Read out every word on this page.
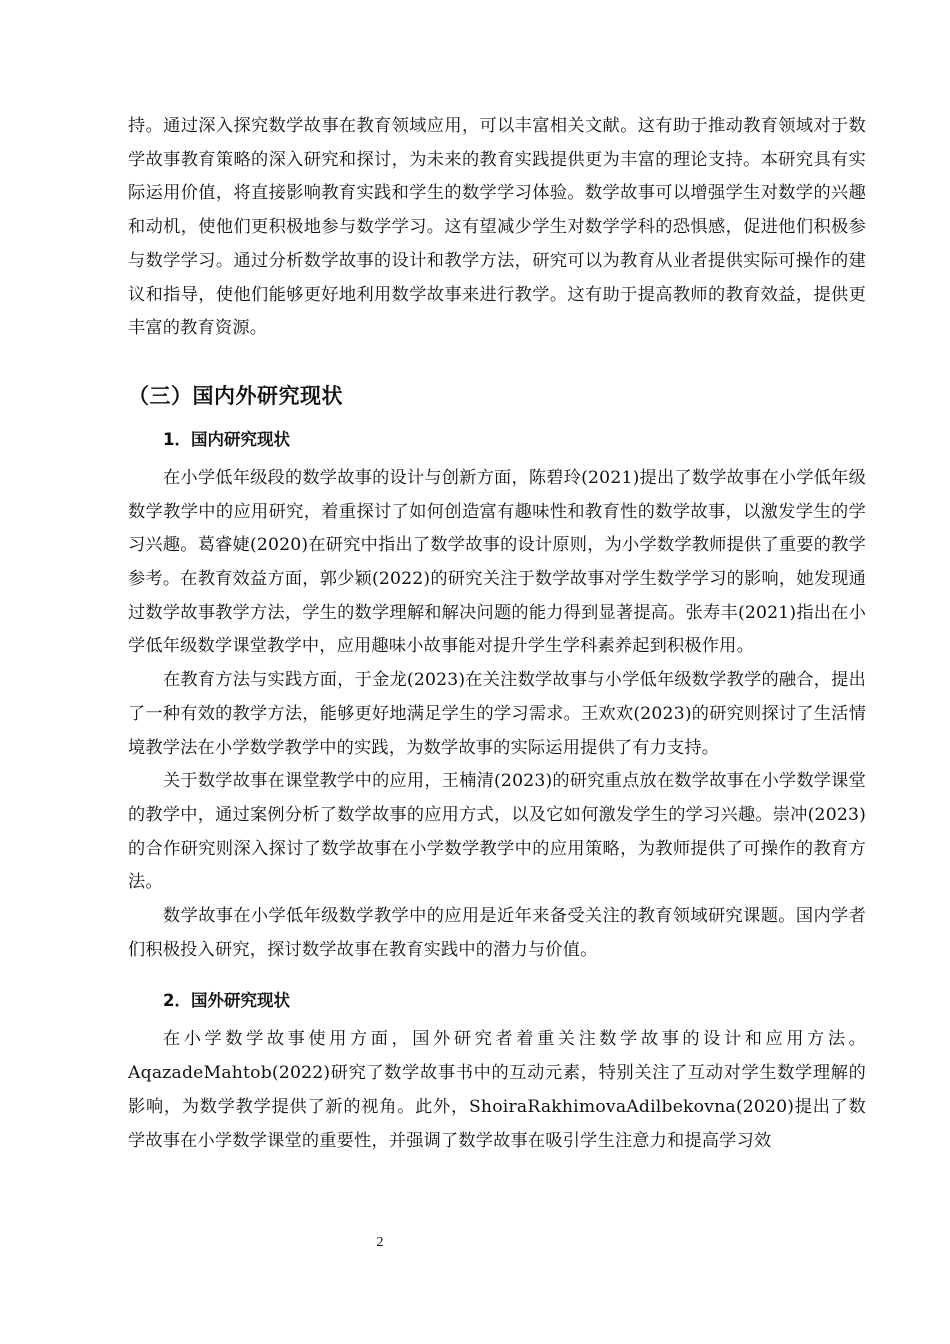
持。通过深入探究数学故事在教育领域应用，可以丰富相关文献。这有助于推动教育领域对于数学故事教育策略的深入研究和探讨，为未来的教育实践提供更为丰富的理论支持。本研究具有实际运用价值，将直接影响教育实践和学生的数学学习体验。数学故事可以增强学生对数学的兴趣和动机，使他们更积极地参与数学学习。这有望减少学生对数学学科的恐惧感，促进他们积极参与数学学习。通过分析数学故事的设计和教学方法，研究可以为教育从业者提供实际可操作的建议和指导，使他们能够更好地利用数学故事来进行教学。这有助于提高教师的教育效益，提供更丰富的教育资源。

（三）国内外研究现状
1．国内研究现状

在小学低年级段的数学故事的设计与创新方面，陈碧玲(2021)提出了数学故事在小学低年级数学教学中的应用研究，着重探讨了如何创造富有趣味性和教育性的数学故事，以激发学生的学习兴趣。葛睿婕(2020)在研究中指出了数学故事的设计原则，为小学数学教师提供了重要的教学参考。在教育效益方面，郭少颖(2022)的研究关注于数学故事对学生数学学习的影响，她发现通过数学故事教学方法，学生的数学理解和解决问题的能力得到显著提高。张寿丰(2021)指出在小学低年级数学课堂教学中，应用趣味小故事能对提升学生学科素养起到积极作用。

在教育方法与实践方面，于金龙(2023)在关注数学故事与小学低年级数学教学的融合，提出了一种有效的教学方法，能够更好地满足学生的学习需求。王欢欢(2023)的研究则探讨了生活情境教学法在小学数学教学中的实践，为数学故事的实际运用提供了有力支持。

关于数学故事在课堂教学中的应用，王楠清(2023)的研究重点放在数学故事在小学数学课堂的教学中，通过案例分析了数学故事的应用方式，以及它如何激发学生的学习兴趣。崇冲(2023)的合作研究则深入探讨了数学故事在小学数学教学中的应用策略，为教师提供了可操作的教育方法。

数学故事在小学低年级数学教学中的应用是近年来备受关注的教育领域研究课题。国内学者们积极投入研究，探讨数学故事在教育实践中的潜力与价值。

2．国外研究现状

在小学数学故事使用方面，国外研究者着重关注数学故事的设计和应用方法。AqazadeMahtob(2022)研究了数学故事书中的互动元素，特别关注了互动对学生数学理解的影响，为数学教学提供了新的视角。此外，ShoiraRakhimovaAdilbekovna(2020)提出了数学故事在小学数学课堂的重要性，并强调了数学故事在吸引学生注意力和提高学习效

2
